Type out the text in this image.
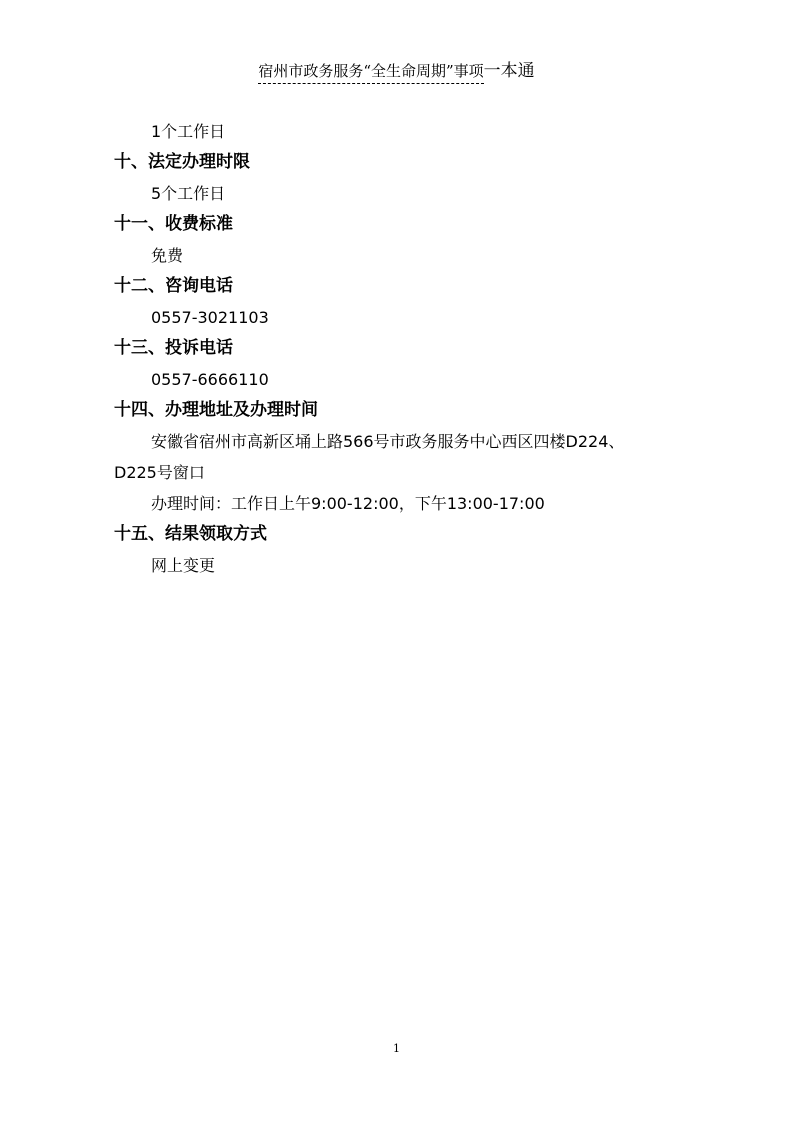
宿州市政务服务“全生命周期”事项一本通
1个工作日
十、法定办理时限
5个工作日
十一、收费标准
免费
十二、咨询电话
0557-3021103
十三、投诉电话
0557-6666110
十四、办理地址及办理时间
安徽省宿州市高新区埇上路566号市政务服务中心西区四楼D224、
D225号窗口
办理时间：工作日上午9:00-12:00，下午13:00-17:00
十五、结果领取方式
网上变更
1
